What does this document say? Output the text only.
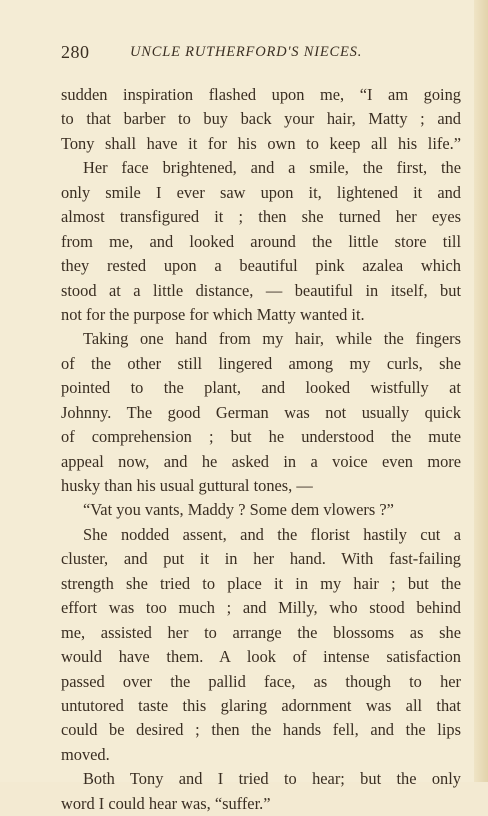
280	UNCLE RUTHERFORD'S NIECES.
sudden inspiration flashed upon me, “I am going
to that barber to buy back your hair, Matty ; and
Tony shall have it for his own to keep all his life.”
Her face brightened, and a smile, the first, the
only smile I ever saw upon it, lightened it and
almost transfigured it ; then she turned her eyes
from me, and looked around the little store till
they rested upon a beautiful pink azalea which
stood at a little distance, — beautiful in itself, but
not for the purpose for which Matty wanted it.
Taking one hand from my hair, while the fingers
of the other still lingered among my curls, she
pointed to the plant, and looked wistfully at
Johnny. The good German was not usually quick
of comprehension ; but he understood the mute
appeal now, and he asked in a voice even more
husky than his usual guttural tones, —
“Vat you vants, Maddy ? Some dem vlowers ?”
She nodded assent, and the florist hastily cut a
cluster, and put it in her hand. With fast-failing
strength she tried to place it in my hair ; but the
effort was too much ; and Milly, who stood behind
me, assisted her to arrange the blossoms as she
would have them. A look of intense satisfaction
passed over the pallid face, as though to her
untutored taste this glaring adornment was all that
could be desired ; then the hands fell, and the lips
moved.
Both Tony and I tried to hear; but the only
word I could hear was, “suffer.”
